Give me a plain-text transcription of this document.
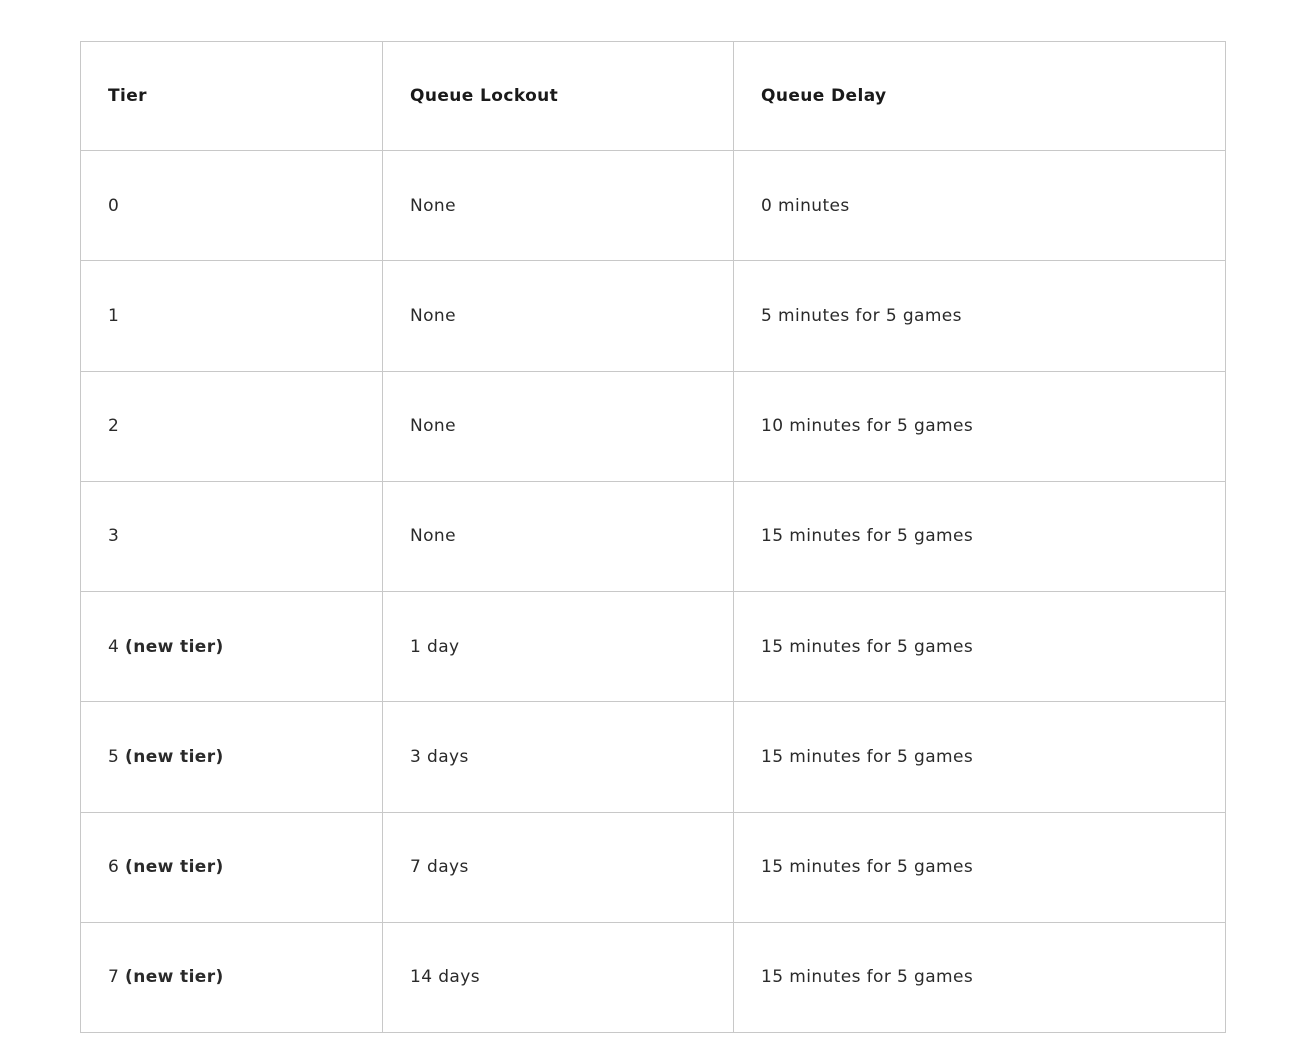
Tier	Queue Lockout	Queue Delay
0	None	0 minutes
1	None	5 minutes for 5 games
2	None	10 minutes for 5 games
3	None	15 minutes for 5 games
4 (new tier)	1 day	15 minutes for 5 games
5 (new tier)	3 days	15 minutes for 5 games
6 (new tier)	7 days	15 minutes for 5 games
7 (new tier)	14 days	15 minutes for 5 games
